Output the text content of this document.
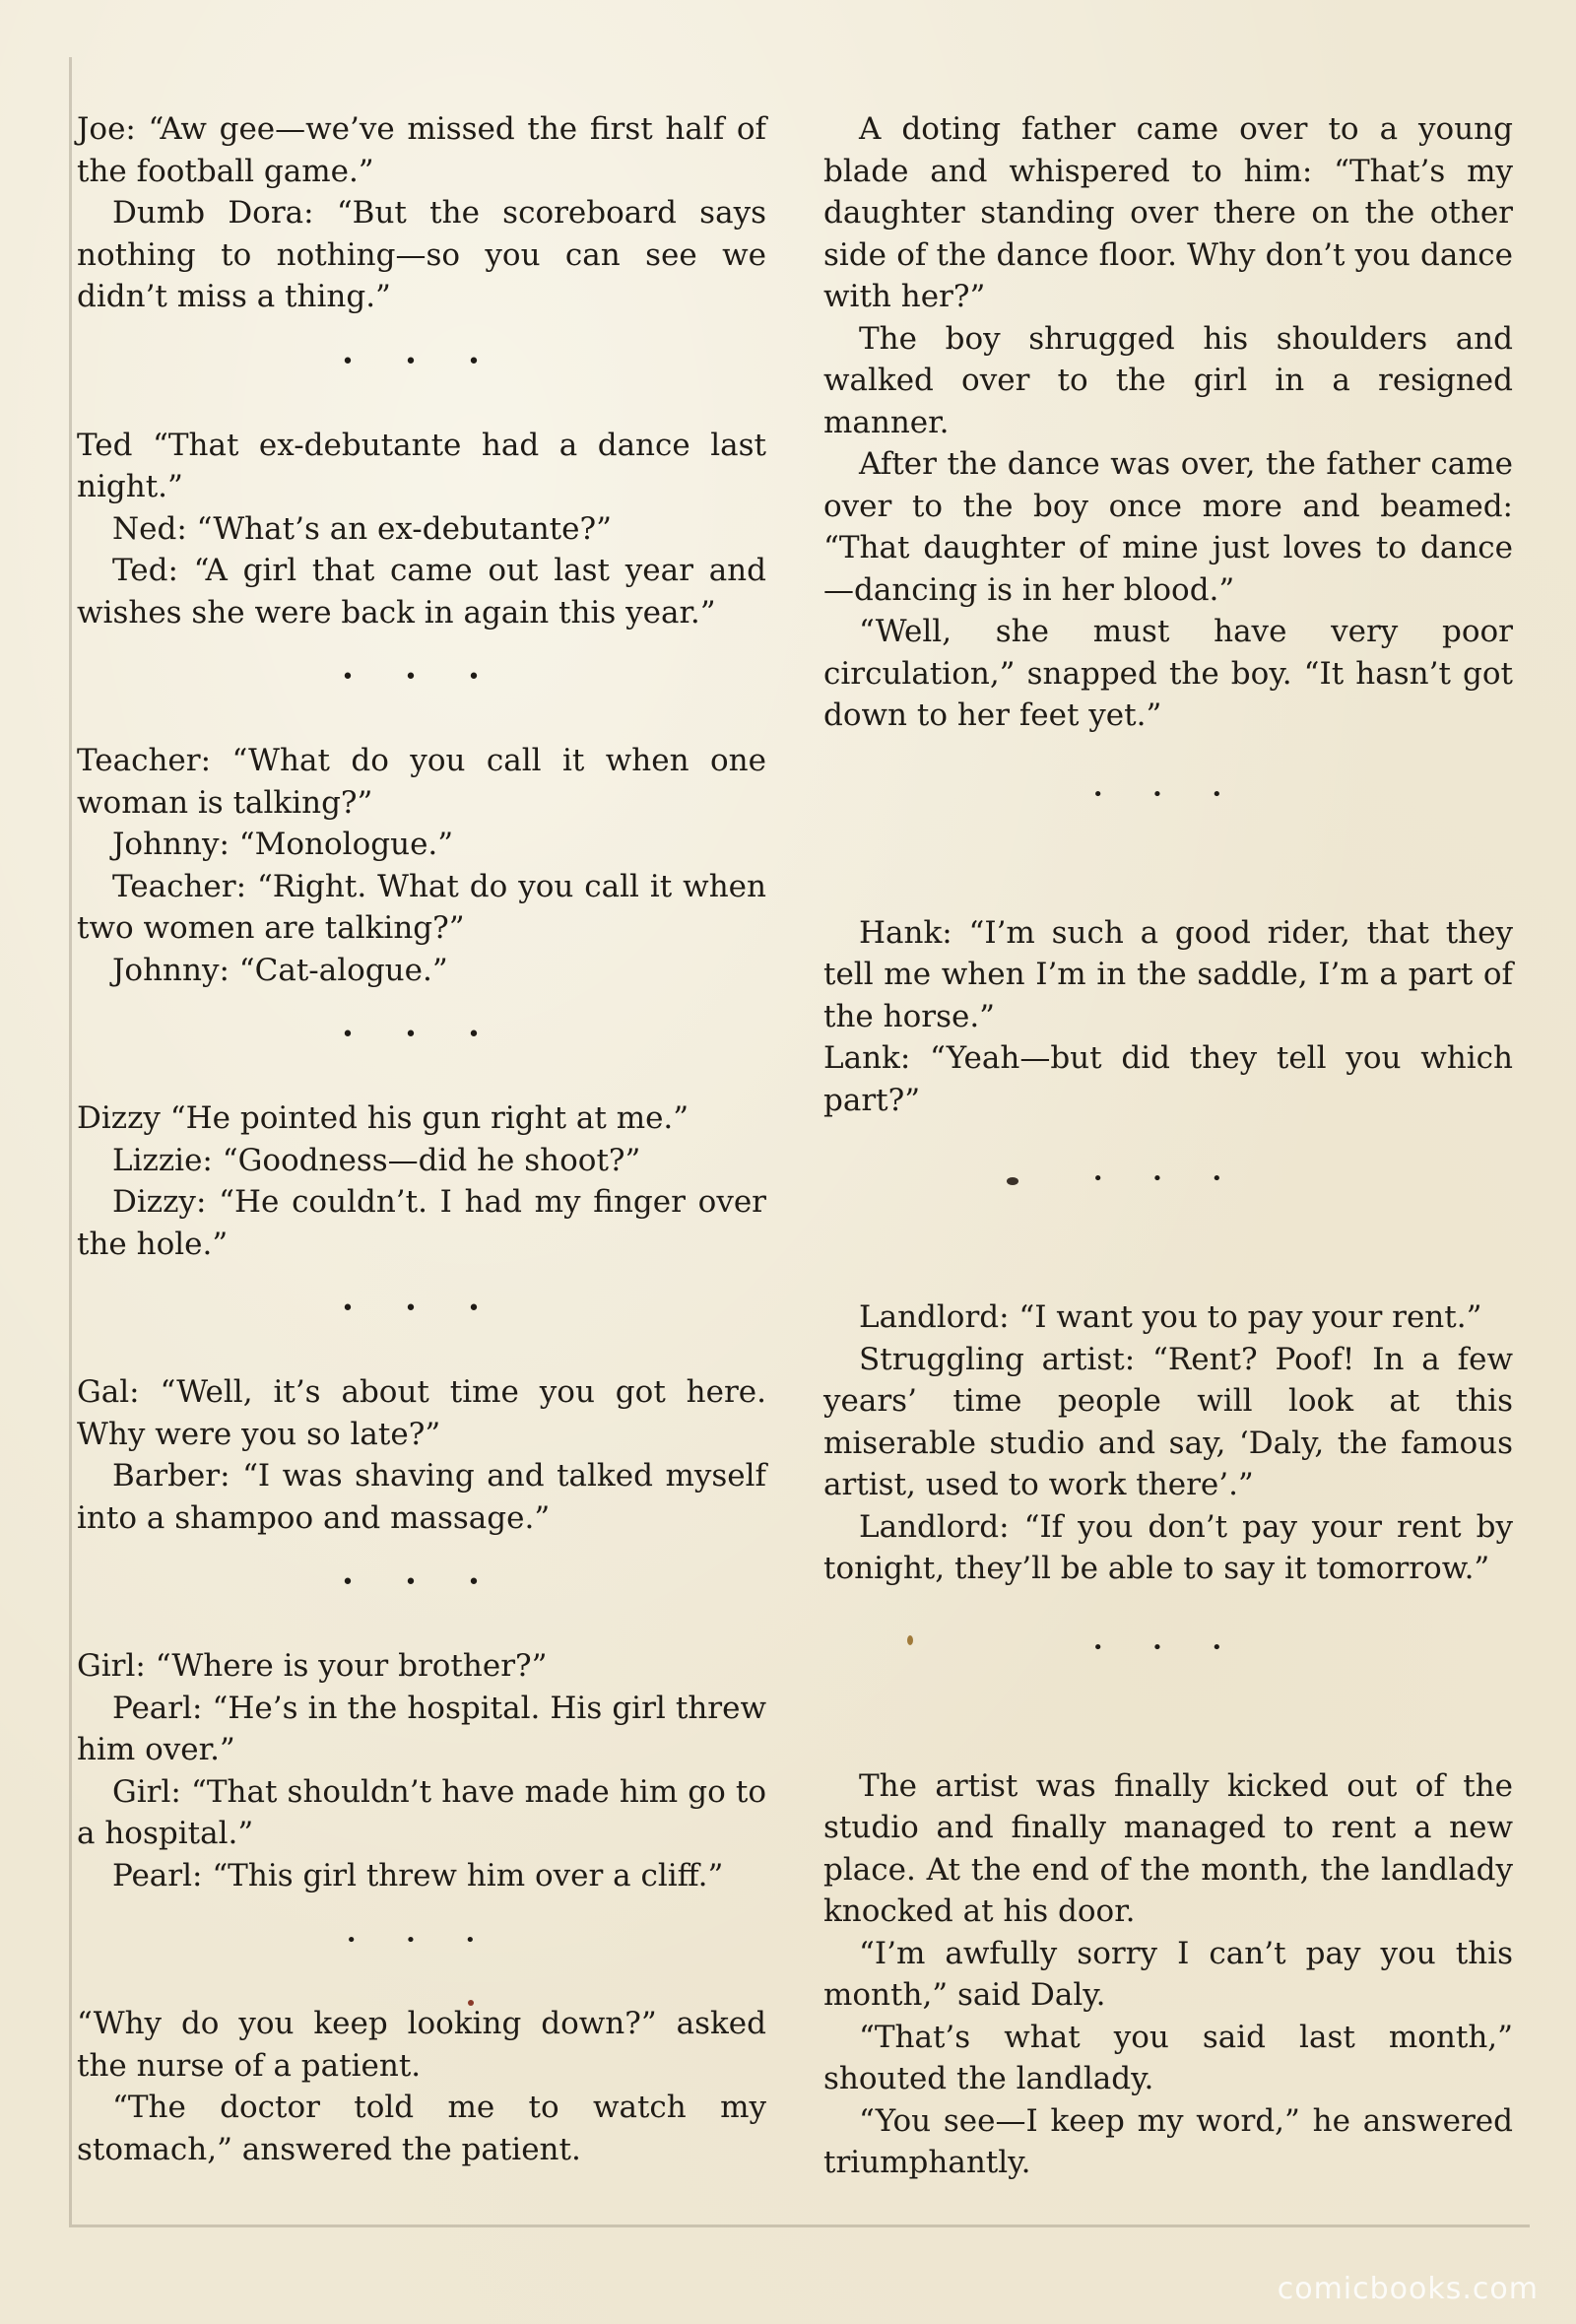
Joe: “Aw gee—we’ve missed the first half of the football game.”

Dumb Dora: “But the scoreboard says nothing to nothing—so you can see we didn’t miss a thing.”

• • •

Ted “That ex-debutante had a dance last night.”

Ned: “What’s an ex-debutante?”

Ted: “A girl that came out last year and wishes she were back in again this year.”

• • •

Teacher: “What do you call it when one woman is talking?”

Johnny: “Monologue.”

Teacher: “Right. What do you call it when two women are talking?”

Johnny: “Cat-alogue.”

• • •

Dizzy “He pointed his gun right at me.”

Lizzie: “Goodness—did he shoot?”

Dizzy: “He couldn’t. I had my finger over the hole.”

• • •

Gal: “Well, it’s about time you got here. Why were you so late?”

Barber: “I was shaving and talked myself into a shampoo and massage.”

• • •

Girl: “Where is your brother?”

Pearl: “He’s in the hospital. His girl threw him over.”

Girl: “That shouldn’t have made him go to a hospital.”

Pearl: “This girl threw him over a cliff.”

• • •

“Why do you keep looking down?” asked the nurse of a patient.

“The doctor told me to watch my stomach,” answered the patient.

A doting father came over to a young blade and whispered to him: “That’s my daughter standing over there on the other side of the dance floor. Why don’t you dance with her?”

The boy shrugged his shoulders and walked over to the girl in a resigned manner.

After the dance was over, the father came over to the boy once more and beamed: “That daughter of mine just loves to dance—dancing is in her blood.”

“Well, she must have very poor circulation,” snapped the boy. “It hasn’t got down to her feet yet.”

• • •

Hank: “I’m such a good rider, that they tell me when I’m in the saddle, I’m a part of the horse.”

Lank: “Yeah—but did they tell you which part?”

• • •

Landlord: “I want you to pay your rent.”

Struggling artist: “Rent? Poof! In a few years’ time people will look at this miserable studio and say, ‘Daly, the famous artist, used to work there’.”

Landlord: “If you don’t pay your rent by tonight, they’ll be able to say it tomorrow.”

• • •

The artist was finally kicked out of the studio and finally managed to rent a new place. At the end of the month, the landlady knocked at his door.

“I’m awfully sorry I can’t pay you this month,” said Daly.

“That’s what you said last month,” shouted the landlady.

“You see—I keep my word,” he answered triumphantly.

comicbooks.com
